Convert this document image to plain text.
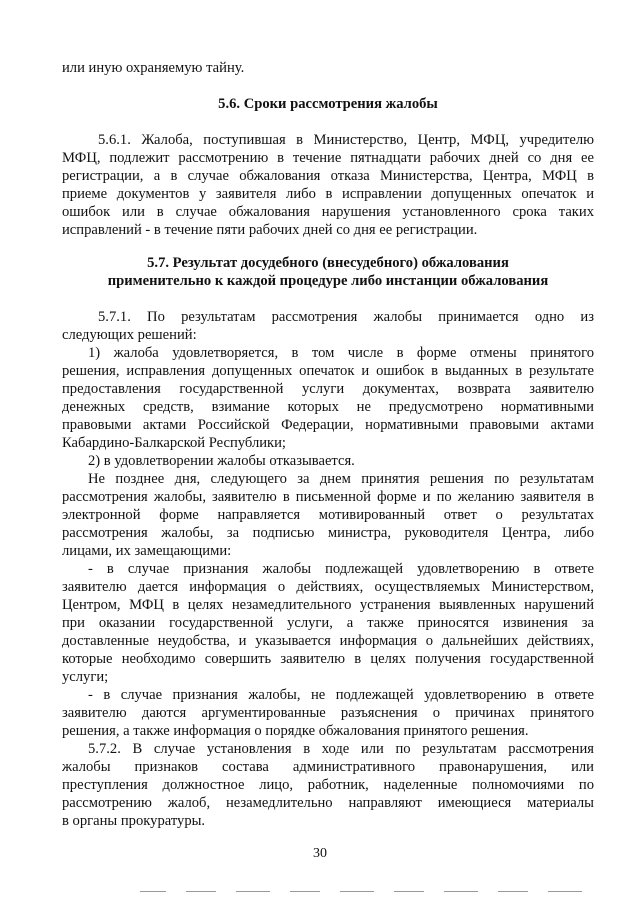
или иную охраняемую тайну.

5.6. Сроки рассмотрения жалобы

5.6.1. Жалоба, поступившая в Министерство, Центр, МФЦ, учредителю

МФЦ, подлежит рассмотрению в течение пятнадцати рабочих дней со дня ее

регистрации, а в случае обжалования отказа Министерства, Центра, МФЦ в

приеме документов у заявителя либо в исправлении допущенных опечаток и

ошибок или в случае обжалования нарушения установленного срока таких

исправлений - в течение пяти рабочих дней со дня ее регистрации.

5.7. Результат досудебного (внесудебного) обжалования

применительно к каждой процедуре либо инстанции обжалования

5.7.1. По результатам рассмотрения жалобы принимается одно из

следующих решений:

1) жалоба удовлетворяется, в том числе в форме отмены принятого

решения, исправления допущенных опечаток и ошибок в выданных в результате

предоставления государственной услуги документах, возврата заявителю

денежных средств, взимание которых не предусмотрено нормативными

правовыми актами Российской Федерации, нормативными правовыми актами

Кабардино-Балкарской Республики;

2) в удовлетворении жалобы отказывается.

Не позднее дня, следующего за днем принятия решения по результатам

рассмотрения жалобы, заявителю в письменной форме и по желанию заявителя в

электронной форме направляется мотивированный ответ о результатах

рассмотрения жалобы, за подписью министра, руководителя Центра, либо

лицами, их замещающими:

- в случае признания жалобы подлежащей удовлетворению в ответе

заявителю дается информация о действиях, осуществляемых Министерством,

Центром, МФЦ в целях незамедлительного устранения выявленных нарушений

при оказании государственной услуги, а также приносятся извинения за

доставленные неудобства, и указывается информация о дальнейших действиях,

которые необходимо совершить заявителю в целях получения государственной

услуги;

- в случае признания жалобы, не подлежащей удовлетворению в ответе

заявителю даются аргументированные разъяснения о причинах принятого

решения, а также информация о порядке обжалования принятого решения.

5.7.2. В случае установления в ходе или по результатам рассмотрения

жалобы признаков состава административного правонарушения, или

преступления должностное лицо, работник, наделенные полномочиями по

рассмотрению жалоб, незамедлительно направляют имеющиеся материалы

в органы прокуратуры.

30
